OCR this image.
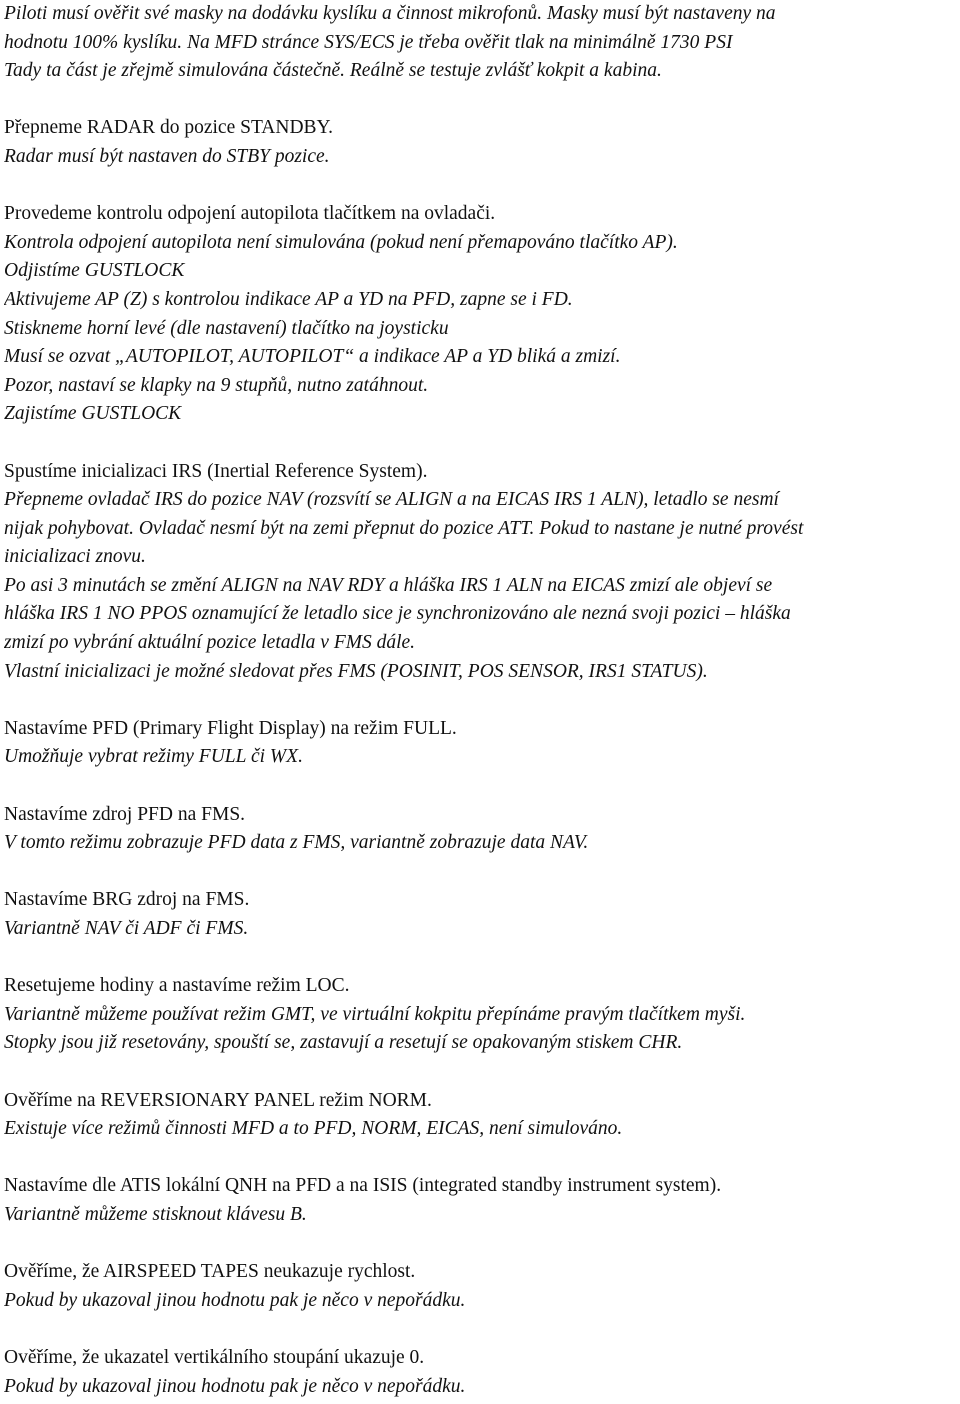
Piloti musí ověřit své masky na dodávku kyslíku a činnost mikrofonů. Masky musí být nastaveny na
hodnotu 100% kyslíku. Na MFD stránce SYS/ECS je třeba ověřit tlak na minimálně 1730 PSI
Tady ta část je zřejmě simulována částečně. Reálně se testuje zvlášť kokpit a kabina.
Přepneme RADAR do pozice STANDBY.
Radar musí být nastaven do STBY pozice.
Provedeme kontrolu odpojení autopilota tlačítkem na ovladači.
Kontrola odpojení autopilota není simulována (pokud není přemapováno tlačítko AP).
Odjistíme GUSTLOCK
Aktivujeme AP (Z) s kontrolou indikace AP a YD na PFD, zapne se i FD.
Stiskneme horní levé (dle nastavení) tlačítko na joysticku
Musí se ozvat „AUTOPILOT, AUTOPILOT“ a indikace AP a YD bliká a zmizí.
Pozor, nastaví se klapky na 9 stupňů, nutno zatáhnout.
Zajistíme GUSTLOCK
Spustíme inicializaci IRS (Inertial Reference System).
Přepneme ovladač IRS do pozice NAV (rozsvítí se ALIGN a na EICAS IRS 1 ALN), letadlo se nesmí
nijak pohybovat. Ovladač nesmí být na zemi přepnut do pozice ATT. Pokud to nastane je nutné provést
inicializaci znovu.
Po asi 3 minutách se změní ALIGN na NAV RDY a hláška IRS 1 ALN na EICAS zmizí ale objeví se
hláška IRS 1 NO PPOS oznamující že letadlo sice je synchronizováno ale nezná svoji pozici – hláška
zmizí po vybrání aktuální pozice letadla v FMS dále.
Vlastní inicializaci je možné sledovat přes FMS (POSINIT, POS SENSOR, IRS1 STATUS).
Nastavíme PFD (Primary Flight Display) na režim FULL.
Umožňuje vybrat režimy FULL či WX.
Nastavíme zdroj PFD na FMS.
V tomto režimu zobrazuje PFD data z FMS, variantně zobrazuje data NAV.
Nastavíme BRG zdroj na FMS.
Variantně NAV či ADF či FMS.
Resetujeme hodiny a nastavíme režim LOC.
Variantně můžeme používat režim GMT, ve virtuální kokpitu přepínáme pravým tlačítkem myši.
Stopky jsou již resetovány, spouští se, zastavují a resetují se opakovaným stiskem CHR.
Ověříme na REVERSIONARY PANEL režim NORM.
Existuje více režimů činnosti MFD a to PFD, NORM, EICAS, není simulováno.
Nastavíme dle ATIS lokální QNH na PFD a na ISIS (integrated standby instrument system).
Variantně můžeme stisknout klávesu B.
Ověříme, že AIRSPEED TAPES neukazuje rychlost.
Pokud by ukazoval jinou hodnotu pak je něco v nepořádku.
Ověříme, že ukazatel vertikálního stoupání ukazuje 0.
Pokud by ukazoval jinou hodnotu pak je něco v nepořádku.
